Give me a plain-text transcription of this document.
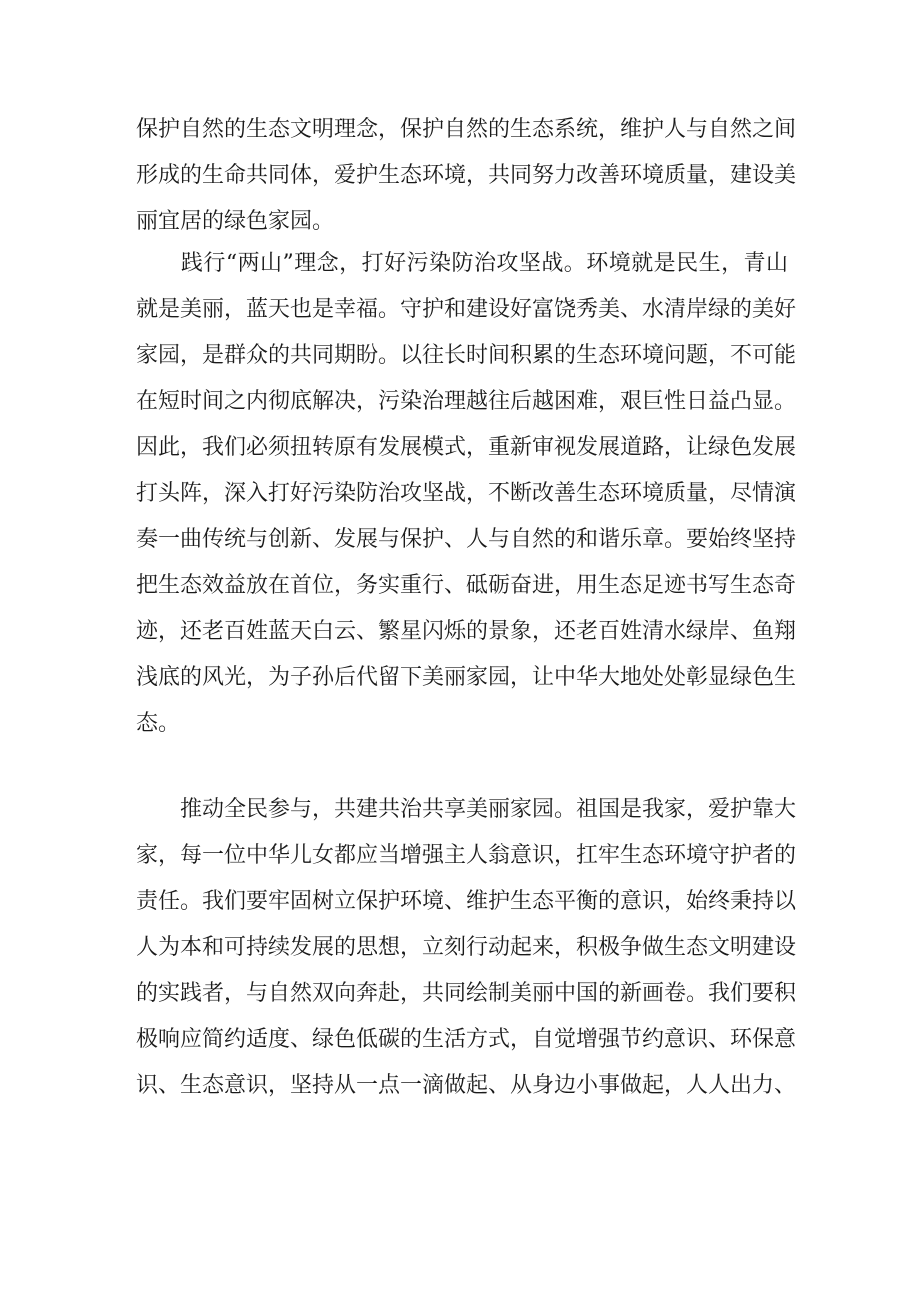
保护自然的生态文明理念，保护自然的生态系统，维护人与自然之间
形成的生命共同体，爱护生态环境，共同努力改善环境质量，建设美
丽宜居的绿色家园。
　　践行“两山”理念，打好污染防治攻坚战。环境就是民生，青山
就是美丽，蓝天也是幸福。守护和建设好富饶秀美、水清岸绿的美好
家园，是群众的共同期盼。以往长时间积累的生态环境问题，不可能
在短时间之内彻底解决，污染治理越往后越困难，艰巨性日益凸显。
因此，我们必须扭转原有发展模式，重新审视发展道路，让绿色发展
打头阵，深入打好污染防治攻坚战，不断改善生态环境质量，尽情演
奏一曲传统与创新、发展与保护、人与自然的和谐乐章。要始终坚持
把生态效益放在首位，务实重行、砥砺奋进，用生态足迹书写生态奇
迹，还老百姓蓝天白云、繁星闪烁的景象，还老百姓清水绿岸、鱼翔
浅底的风光，为子孙后代留下美丽家园，让中华大地处处彰显绿色生
态。
　　推动全民参与，共建共治共享美丽家园。祖国是我家，爱护靠大
家，每一位中华儿女都应当增强主人翁意识，扛牢生态环境守护者的
责任。我们要牢固树立保护环境、维护生态平衡的意识，始终秉持以
人为本和可持续发展的思想，立刻行动起来，积极争做生态文明建设
的实践者，与自然双向奔赴，共同绘制美丽中国的新画卷。我们要积
极响应简约适度、绿色低碳的生活方式，自觉增强节约意识、环保意
识、生态意识，坚持从一点一滴做起、从身边小事做起，人人出力、
